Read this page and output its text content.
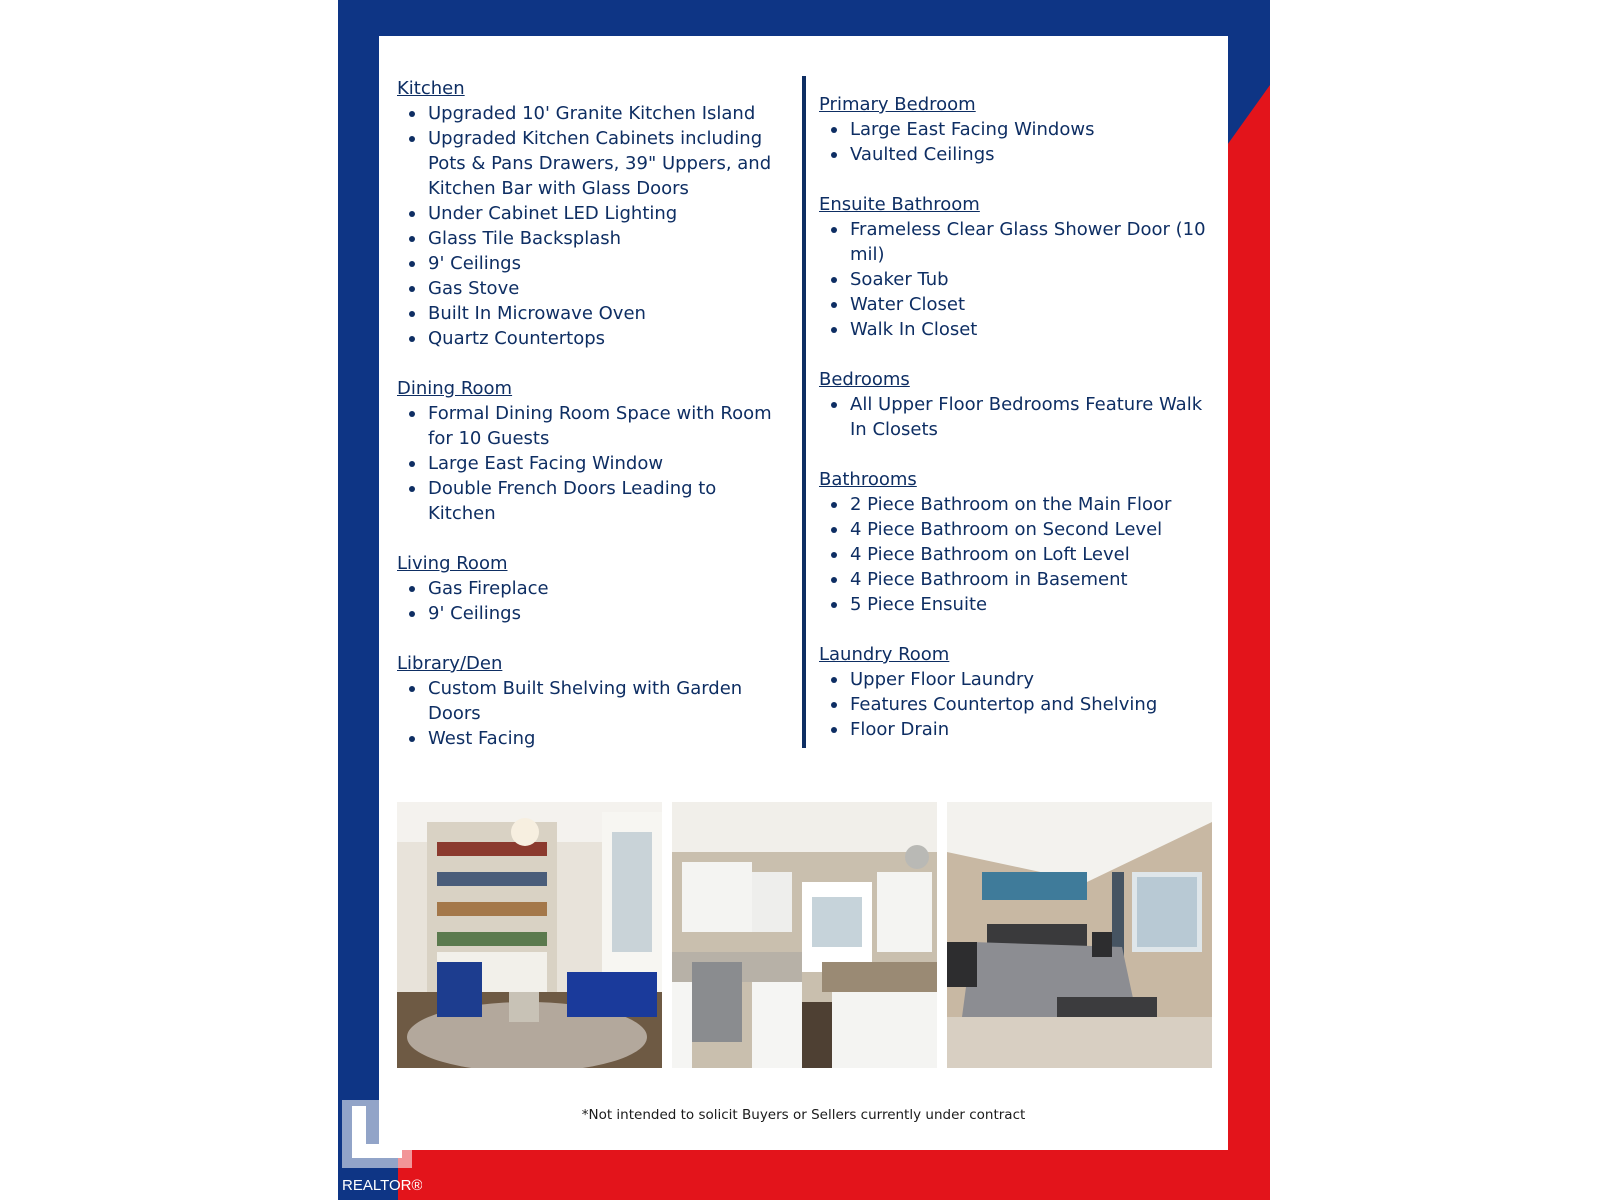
Kitchen
Upgraded 10' Granite Kitchen Island
Upgraded Kitchen Cabinets including Pots & Pans Drawers, 39" Uppers, and Kitchen Bar with Glass Doors
Under Cabinet LED Lighting
Glass Tile Backsplash
9' Ceilings
Gas Stove
Built In Microwave Oven
Quartz Countertops
Dining Room
Formal Dining Room Space with Room for 10 Guests
Large East Facing Window
Double French Doors Leading to Kitchen
Living Room
Gas Fireplace
9' Ceilings
Library/Den
Custom Built Shelving with Garden Doors
West Facing
Primary Bedroom
Large East Facing Windows
Vaulted Ceilings
Ensuite Bathroom
Frameless Clear Glass Shower Door (10 mil)
Soaker Tub
Water Closet
Walk In Closet
Bedrooms
All Upper Floor Bedrooms Feature Walk In Closets
Bathrooms
2 Piece Bathroom on the Main Floor
4 Piece Bathroom on Second Level
4 Piece Bathroom on Loft Level
4 Piece Bathroom in Basement
5 Piece Ensuite
Laundry Room
Upper Floor Laundry
Features Countertop and Shelving
Floor Drain
*Not intended to solicit Buyers or Sellers currently under contract
REALTOR®
